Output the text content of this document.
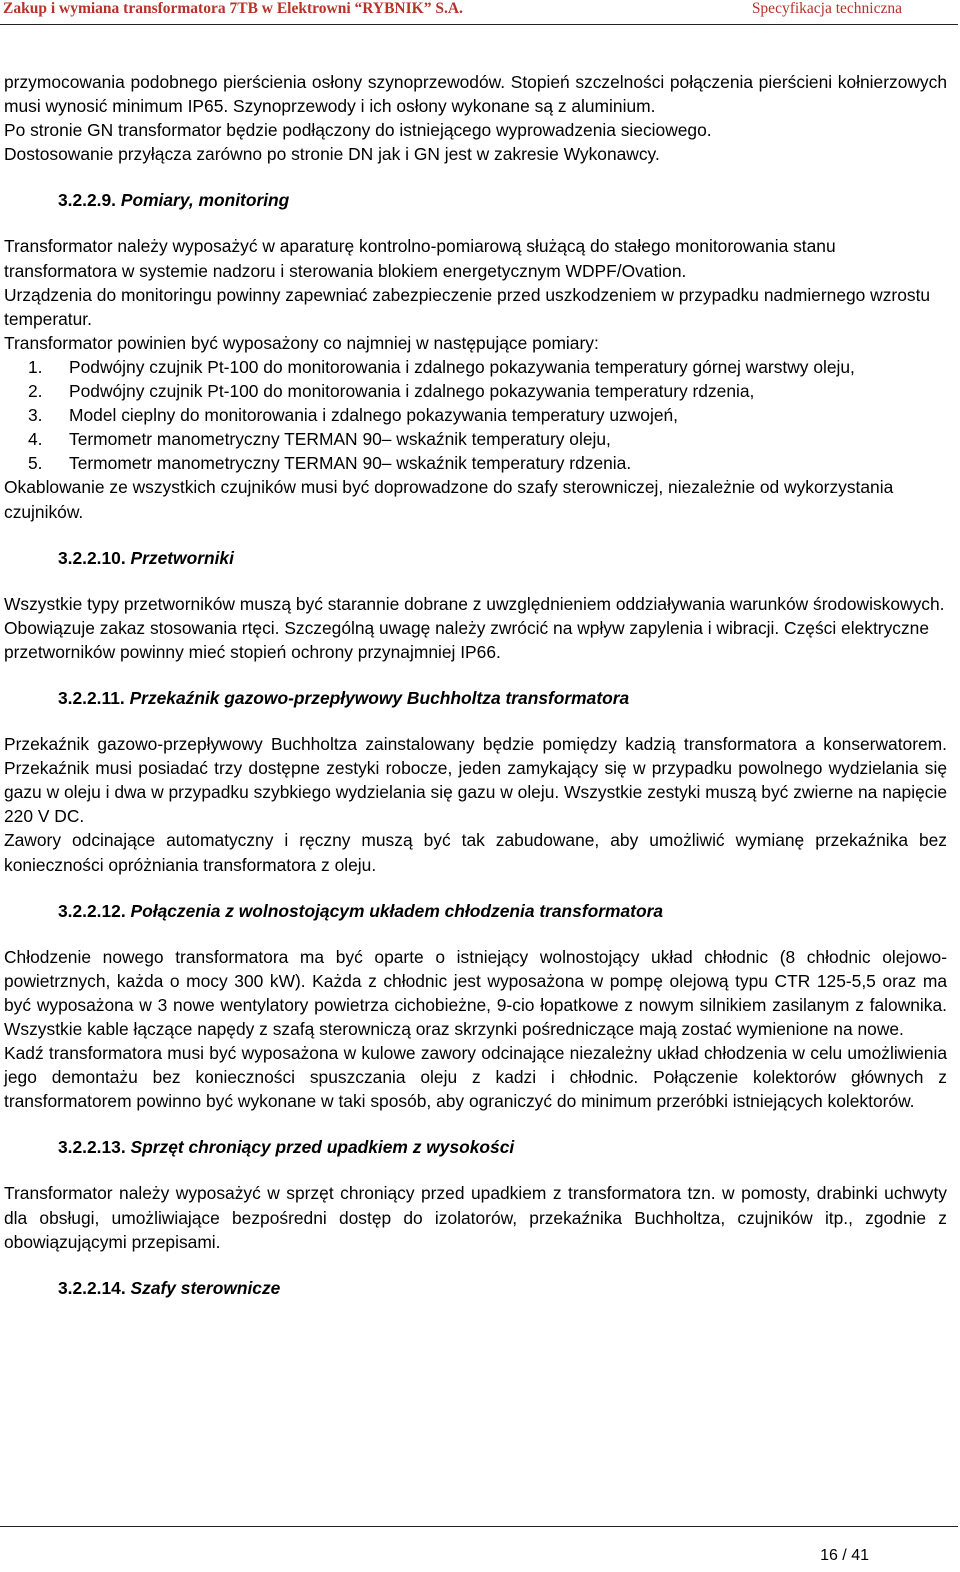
Zakup i wymiana transformatora 7TB w Elektrowni “RYBNIK” S.A.	Specyfikacja techniczna

przymocowania podobnego pierścienia osłony szynoprzewodów. Stopień szczelności połączenia pierścieni kołnierzowych musi wynosić minimum IP65. Szynoprzewody i ich osłony wykonane są z aluminium.

Po stronie GN transformator będzie podłączony do istniejącego wyprowadzenia sieciowego.

Dostosowanie przyłącza zarówno po stronie DN jak i GN jest w zakresie Wykonawcy.

3.2.2.9. Pomiary, monitoring

Transformator należy wyposażyć w aparaturę kontrolno-pomiarową służącą do stałego monitorowania stanu transformatora w systemie nadzoru i sterowania blokiem energetycznym WDPF/Ovation.

Urządzenia do monitoringu powinny zapewniać zabezpieczenie przed uszkodzeniem w przypadku nadmiernego wzrostu temperatur.

Transformator powinien być wyposażony co najmniej w następujące pomiary:

1.	Podwójny czujnik Pt-100 do monitorowania i zdalnego pokazywania temperatury górnej warstwy oleju,
2.	Podwójny czujnik Pt-100 do monitorowania i zdalnego pokazywania temperatury rdzenia,
3.	Model cieplny do monitorowania i zdalnego pokazywania temperatury uzwojeń,
4.	Termometr manometryczny TERMAN 90– wskaźnik temperatury oleju,
5.	Termometr manometryczny TERMAN 90– wskaźnik temperatury rdzenia.

Okablowanie ze wszystkich czujników musi być doprowadzone do szafy sterowniczej, niezależnie od wykorzystania czujników.

3.2.2.10. Przetworniki

Wszystkie typy przetworników muszą być starannie dobrane z uwzględnieniem oddziaływania warunków środowiskowych. Obowiązuje zakaz stosowania rtęci. Szczególną uwagę należy zwrócić na wpływ zapylenia i wibracji. Części elektryczne przetworników powinny mieć stopień ochrony przynajmniej IP66.

3.2.2.11. Przekaźnik gazowo-przepływowy Buchholtza transformatora

Przekaźnik gazowo-przepływowy Buchholtza zainstalowany będzie pomiędzy kadzią transformatora a konserwatorem. Przekaźnik musi posiadać trzy dostępne zestyki robocze, jeden zamykający się w przypadku powolnego wydzielania się gazu w oleju i dwa w przypadku szybkiego wydzielania się gazu w oleju. Wszystkie zestyki muszą być zwierne na napięcie 220 V DC.

Zawory odcinające automatyczny i ręczny muszą być tak zabudowane, aby umożliwić wymianę przekaźnika bez konieczności opróżniania transformatora z oleju.

3.2.2.12. Połączenia z wolnostojącym układem chłodzenia transformatora

Chłodzenie nowego transformatora ma być oparte o istniejący wolnostojący układ chłodnic (8 chłodnic olejowo-powietrznych, każda o mocy 300 kW). Każda z chłodnic jest wyposażona w pompę olejową typu CTR 125-5,5 oraz ma być wyposażona w 3 nowe wentylatory powietrza cichobieżne, 9-cio łopatkowe z nowym silnikiem zasilanym z falownika. Wszystkie kable łączące napędy z szafą sterowniczą oraz skrzynki pośredniczące mają zostać wymienione na nowe.

Kadź transformatora musi być wyposażona w kulowe zawory odcinające niezależny układ chłodzenia w celu umożliwienia jego demontażu bez konieczności spuszczania oleju z kadzi i chłodnic. Połączenie kolektorów głównych z transformatorem powinno być wykonane w taki sposób, aby ograniczyć do minimum przeróbki istniejących kolektorów.

3.2.2.13. Sprzęt chroniący przed upadkiem z wysokości

Transformator należy wyposażyć w sprzęt chroniący przed upadkiem z transformatora tzn. w pomosty, drabinki uchwyty dla obsługi, umożliwiające bezpośredni dostęp do izolatorów, przekaźnika Buchholtza, czujników itp., zgodnie z obowiązującymi przepisami.

3.2.2.14. Szafy sterownicze
16 / 41
